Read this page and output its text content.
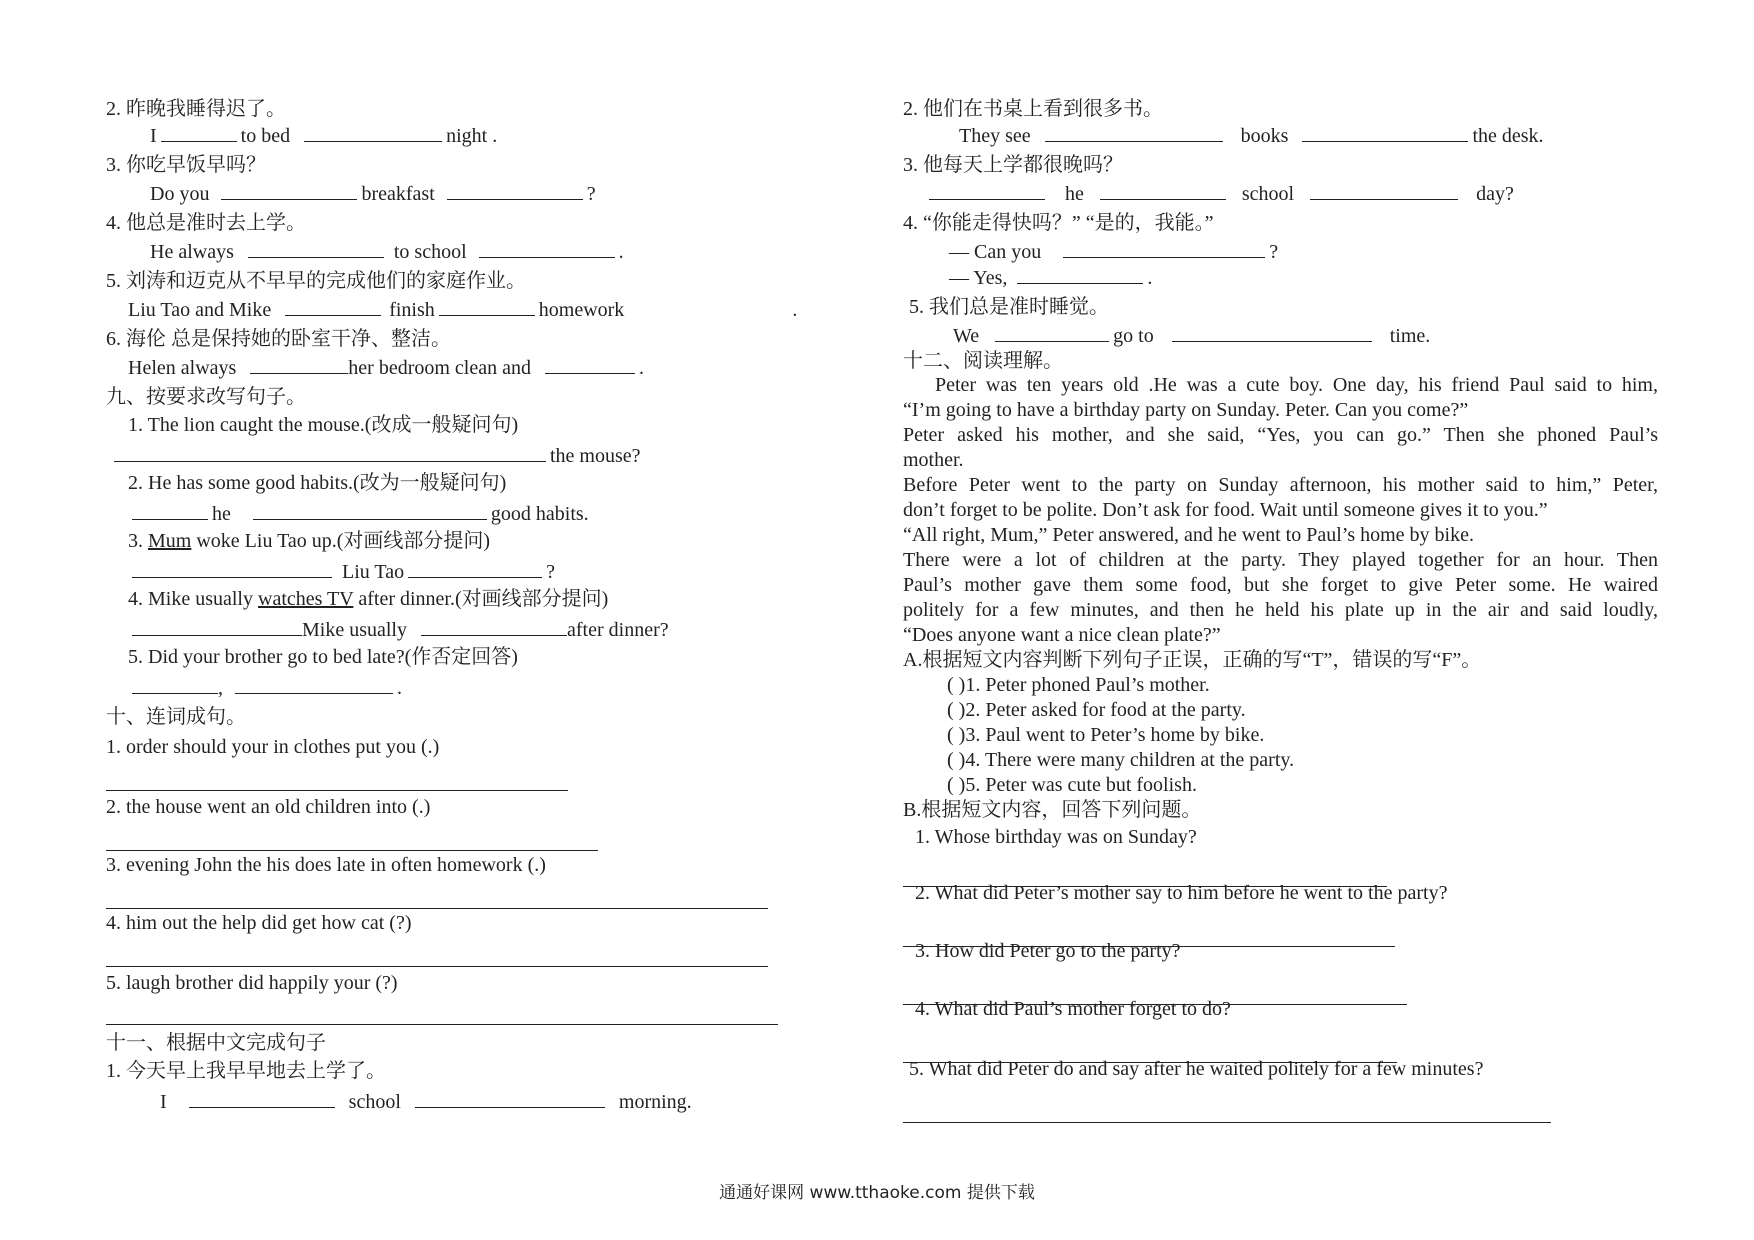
2. 昨晚我睡得迟了。
I	to bed	night .
3. 你吃早饭早吗？
Do you	breakfast	?
4. 他总是准时去上学。
He always	to school	.
5. 刘涛和迈克从不早早的完成他们的家庭作业。
Liu Tao and Mike	finish	homework	.
6. 海伦 总是保持她的卧室干净、整洁。
Helen always	her bedroom clean and	.
九、按要求改写句子。
1. The lion caught the mouse.(改成一般疑问句)
the mouse?
2. He has some good habits.(改为一般疑问句)
he	good habits.
3. Mum woke Liu Tao up.(对画线部分提问)
Liu Tao	?
4. Mike usually watches TV after dinner.(对画线部分提问)
Mike usually	after dinner?
5. Did your brother go to bed late?(作否定回答)
,	.
十、连词成句。
1. order should your in clothes put you (.)
2. the house went an old children into (.)
3. evening John the his does late in often homework (.)
4. him out the help did get how cat (?)
5. laugh brother did happily your (?)
十一、根据中文完成句子
1. 今天早上我早早地去上学了。
I	school	morning.
2. 他们在书桌上看到很多书。
They see	books	the desk.
3. 他每天上学都很晚吗？
he	school	day?
4. “你能走得快吗？” “是的，我能。”
— Can you	?
— Yes,	.
5. 我们总是准时睡觉。
We	go to	time.
十二、阅读理解。
Peter was ten years old .He was a cute boy. One day, his friend Paul said to him,
“I’m going to have a birthday party on Sunday. Peter. Can you come?”
Peter asked his mother, and she said, “Yes, you can go.” Then she phoned Paul’s
mother.
Before Peter went to the party on Sunday afternoon, his mother said to him,” Peter,
don’t forget to be polite. Don’t ask for food. Wait until someone gives it to you.”
“All right, Mum,” Peter answered, and he went to Paul’s home by bike.
There were a lot of children at the party. They played together for an hour. Then
Paul’s mother gave them some food, but she forget to give Peter some. He waired
politely for a few minutes, and then he held his plate up in the air and said loudly,
“Does anyone want a nice clean plate?”
A.根据短文内容判断下列句子正误，正确的写“T”，错误的写“F”。
( )1. Peter phoned Paul’s mother.
( )2. Peter asked for food at the party.
( )3. Paul went to Peter’s home by bike.
( )4. There were many children at the party.
( )5. Peter was cute but foolish.
B.根据短文内容，回答下列问题。
1. Whose birthday was on Sunday?
2. What did Peter’s mother say to him before he went to the party?
3. How did Peter go to the party?
4. What did Paul’s mother forget to do?
5. What did Peter do and say after he waited politely for a few minutes?
通通好课网 www.tthaoke.com 提供下载
